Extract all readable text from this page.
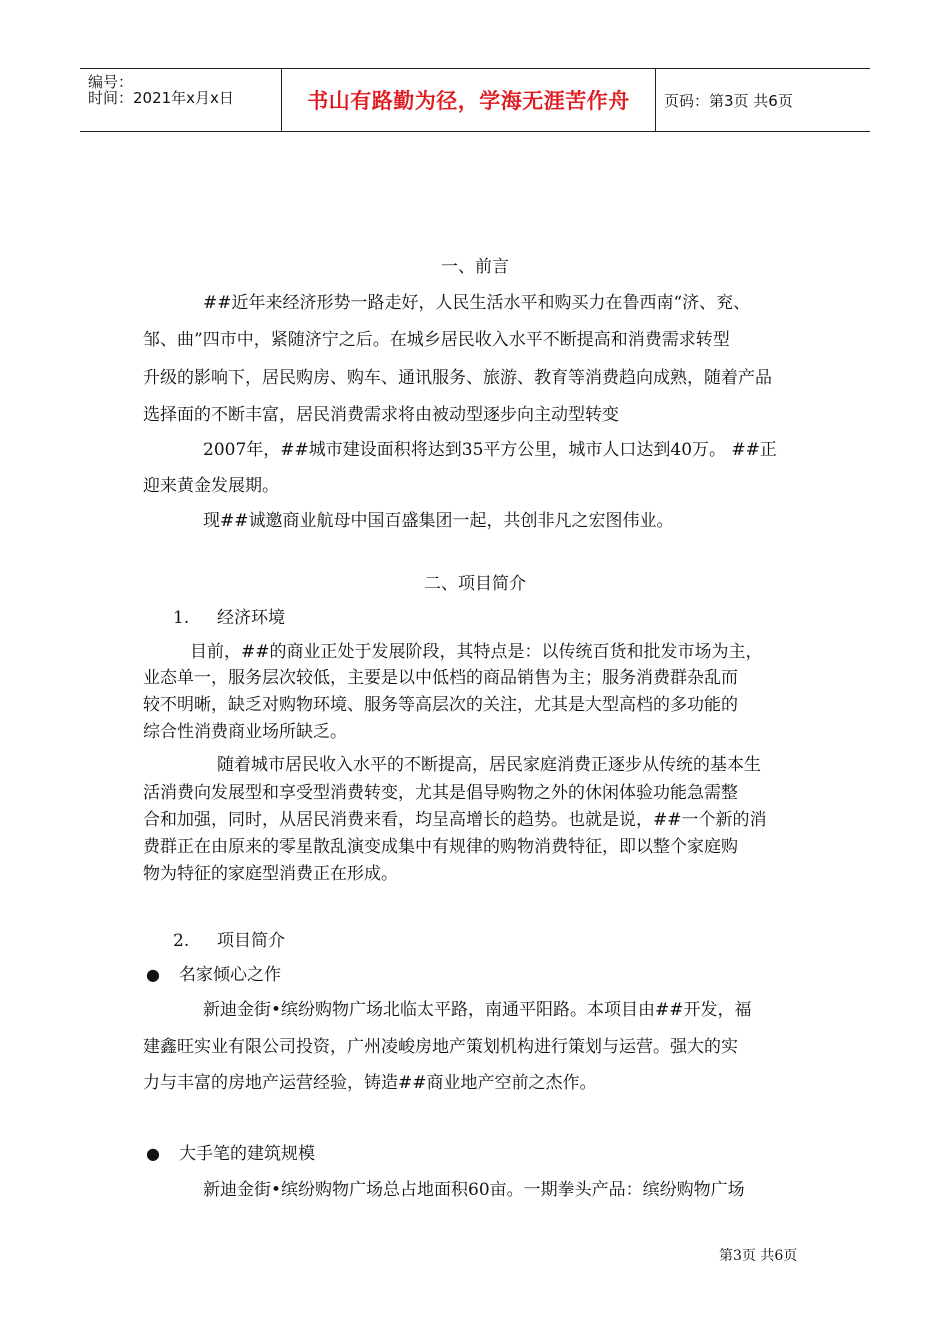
编号：
时间：2021年x月x日	书山有路勤为径，学海无涯苦作舟 页码：第3页 共6页
一、前言
##近年来经济形势一路走好，人民生活水平和购买力在鲁西南“济、兖、
邹、曲”四市中，紧随济宁之后。在城乡居民收入水平不断提高和消费需求转型
升级的影响下，居民购房、购车、通讯服务、旅游、教育等消费趋向成熟，随着产品
选择面的不断丰富，居民消费需求将由被动型逐步向主动型转变
2007年，##城市建设面积将达到35平方公里，城市人口达到40万。 ##正
迎来黄金发展期。
现##诚邀商业航母中国百盛集团一起，共创非凡之宏图伟业。
二、项目简介
1. 经济环境
目前，##的商业正处于发展阶段，其特点是：以传统百货和批发市场为主，
业态单一，服务层次较低，主要是以中低档的商品销售为主；服务消费群杂乱而
较不明晰，缺乏对购物环境、服务等高层次的关注，尤其是大型高档的多功能的
综合性消费商业场所缺乏。
随着城市居民收入水平的不断提高，居民家庭消费正逐步从传统的基本生
活消费向发展型和享受型消费转变，尤其是倡导购物之外的休闲体验功能急需整
合和加强，同时，从居民消费来看，均呈高增长的趋势。也就是说，##一个新的消
费群正在由原来的零星散乱演变成集中有规律的购物消费特征，即以整个家庭购
物为特征的家庭型消费正在形成。
2. 项目简介
● 名家倾心之作
新迪金街•缤纷购物广场北临太平路，南通平阳路。本项目由##开发，福
建鑫旺实业有限公司投资，广州凌峻房地产策划机构进行策划与运营。强大的实
力与丰富的房地产运营经验，铸造##商业地产空前之杰作。
● 大手笔的建筑规模
新迪金街•缤纷购物广场总占地面积60亩。一期拳头产品：缤纷购物广场
第3页 共6页
